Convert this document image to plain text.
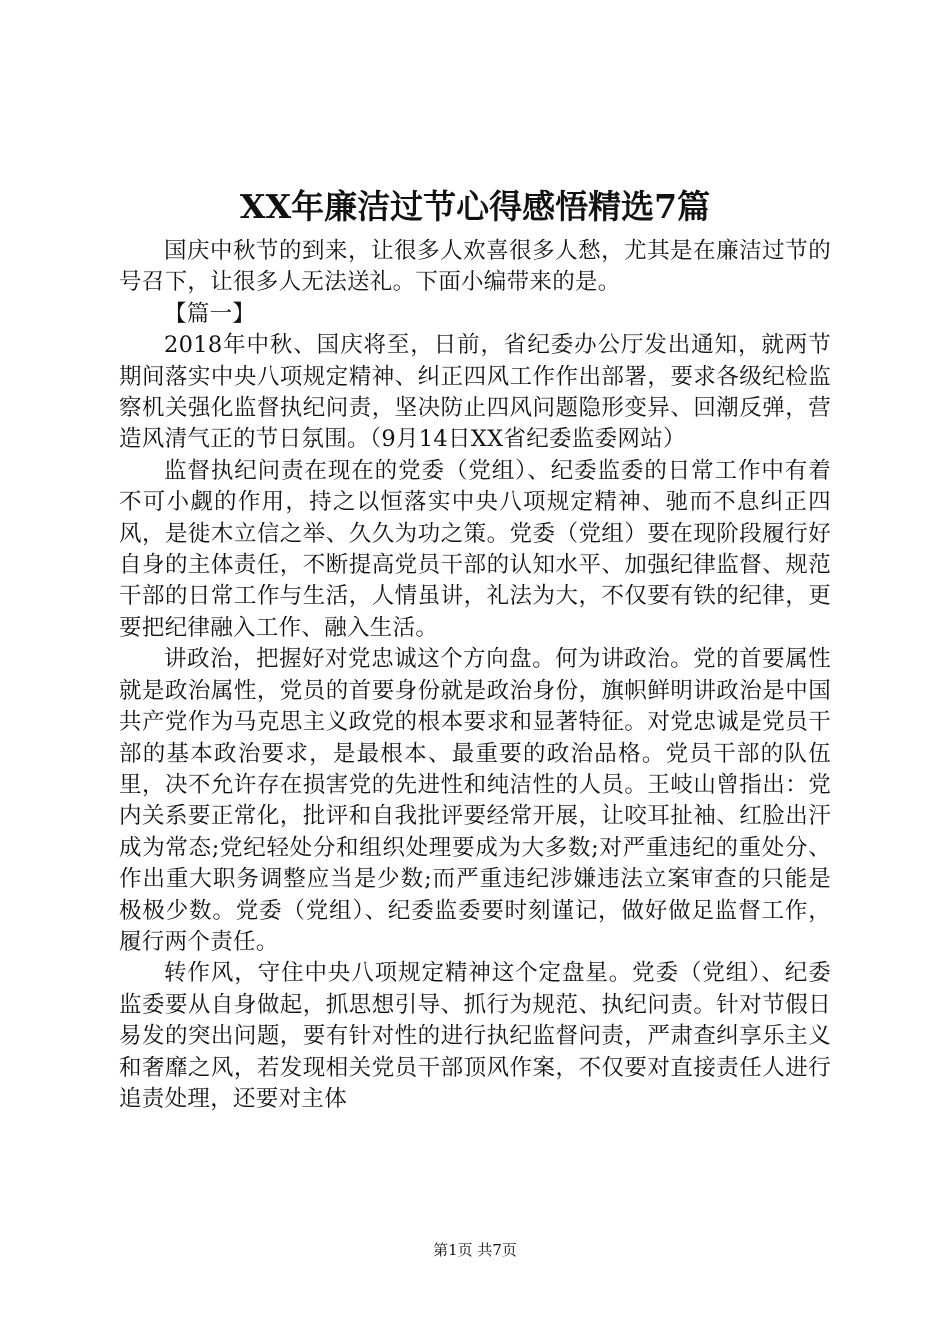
XX年廉洁过节心得感悟精选7篇

国庆中秋节的到来，让很多人欢喜很多人愁，尤其是在廉洁过节的号召下，让很多人无法送礼。下面小编带来的是。

【篇一】

2018年中秋、国庆将至，日前，省纪委办公厅发出通知，就两节期间落实中央八项规定精神、纠正四风工作作出部署，要求各级纪检监察机关强化监督执纪问责，坚决防止四风问题隐形变异、回潮反弹，营造风清气正的节日氛围。（9月14日XX省纪委监委网站）

监督执纪问责在现在的党委（党组）、纪委监委的日常工作中有着不可小觑的作用，持之以恒落实中央八项规定精神、驰而不息纠正四风，是徙木立信之举、久久为功之策。党委（党组）要在现阶段履行好自身的主体责任，不断提高党员干部的认知水平、加强纪律监督、规范干部的日常工作与生活，人情虽讲，礼法为大，不仅要有铁的纪律，更要把纪律融入工作、融入生活。

讲政治，把握好对党忠诚这个方向盘。何为讲政治。党的首要属性就是政治属性，党员的首要身份就是政治身份，旗帜鲜明讲政治是中国共产党作为马克思主义政党的根本要求和显著特征。对党忠诚是党员干部的基本政治要求，是最根本、最重要的政治品格。党员干部的队伍里，决不允许存在损害党的先进性和纯洁性的人员。王岐山曾指出：党内关系要正常化，批评和自我批评要经常开展，让咬耳扯袖、红脸出汗成为常态;党纪轻处分和组织处理要成为大多数;对严重违纪的重处分、作出重大职务调整应当是少数;而严重违纪涉嫌违法立案审查的只能是极极少数。党委（党组）、纪委监委要时刻谨记，做好做足监督工作，履行两个责任。

转作风，守住中央八项规定精神这个定盘星。党委（党组）、纪委监委要从自身做起，抓思想引导、抓行为规范、执纪问责。针对节假日易发的突出问题，要有针对性的进行执纪监督问责，严肃查纠享乐主义和奢靡之风，若发现相关党员干部顶风作案，不仅要对直接责任人进行追责处理，还要对主体

第1页 共7页
